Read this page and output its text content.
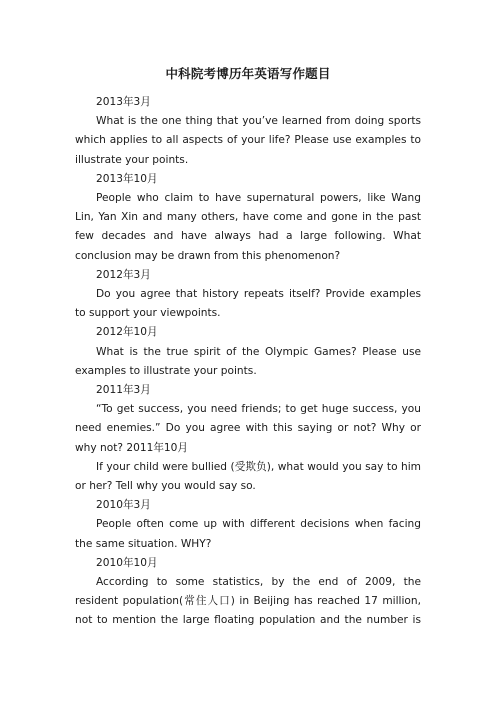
中科院考博历年英语写作题目

2013年3月

What is the one thing that you’ve learned from doing sports which applies to all aspects of your life? Please use examples to illustrate your points.

2013年10月

People who claim to have supernatural powers, like Wang Lin, Yan Xin and many others, have come and gone in the past few decades and have always had a large following. What conclusion may be drawn from this phenomenon?

2012年3月

Do you agree that history repeats itself? Provide examples to support your viewpoints.

2012年10月

What is the true spirit of the Olympic Games? Please use examples to illustrate your points.

2011年3月

“To get success, you need friends; to get huge success, you need enemies.” Do you agree with this saying or not? Why or why not? 2011年10月

If your child were bullied (受欺负), what would you say to him or her? Tell why you would say so.

2010年3月

People often come up with different decisions when facing the same situation. WHY?

2010年10月

According to some statistics, by the end of 2009, the resident population(常住人口) in Beijing has reached 17 million, not to mention the large floating population and the number is
